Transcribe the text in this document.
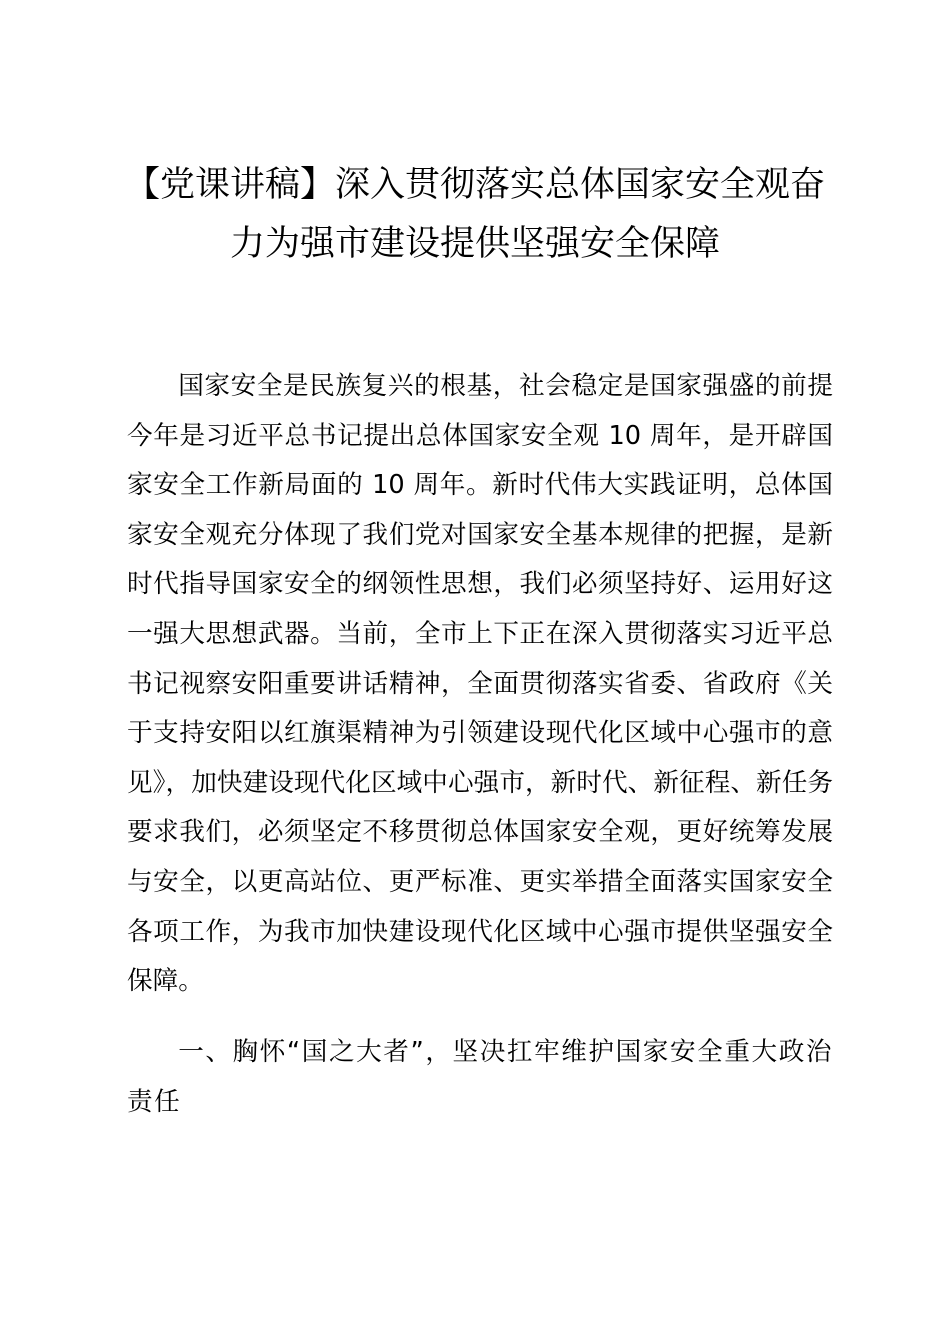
【党课讲稿】深入贯彻落实总体国家安全观奋力为强市建设提供坚强安全保障

国家安全是民族复兴的根基，社会稳定是国家强盛的前提今年是习近平总书记提出总体国家安全观 10 周年，是开辟国家安全工作新局面的 10 周年。新时代伟大实践证明，总体国家安全观充分体现了我们党对国家安全基本规律的把握，是新时代指导国家安全的纲领性思想，我们必须坚持好、运用好这一强大思想武器。当前，全市上下正在深入贯彻落实习近平总书记视察安阳重要讲话精神，全面贯彻落实省委、省政府《关于支持安阳以红旗渠精神为引领建设现代化区域中心强市的意见》，加快建设现代化区域中心强市，新时代、新征程、新任务要求我们，必须坚定不移贯彻总体国家安全观，更好统筹发展与安全，以更高站位、更严标准、更实举措全面落实国家安全各项工作，为我市加快建设现代化区域中心强市提供坚强安全保障。

一、胸怀“国之大者”，坚决扛牢维护国家安全重大政治责任
